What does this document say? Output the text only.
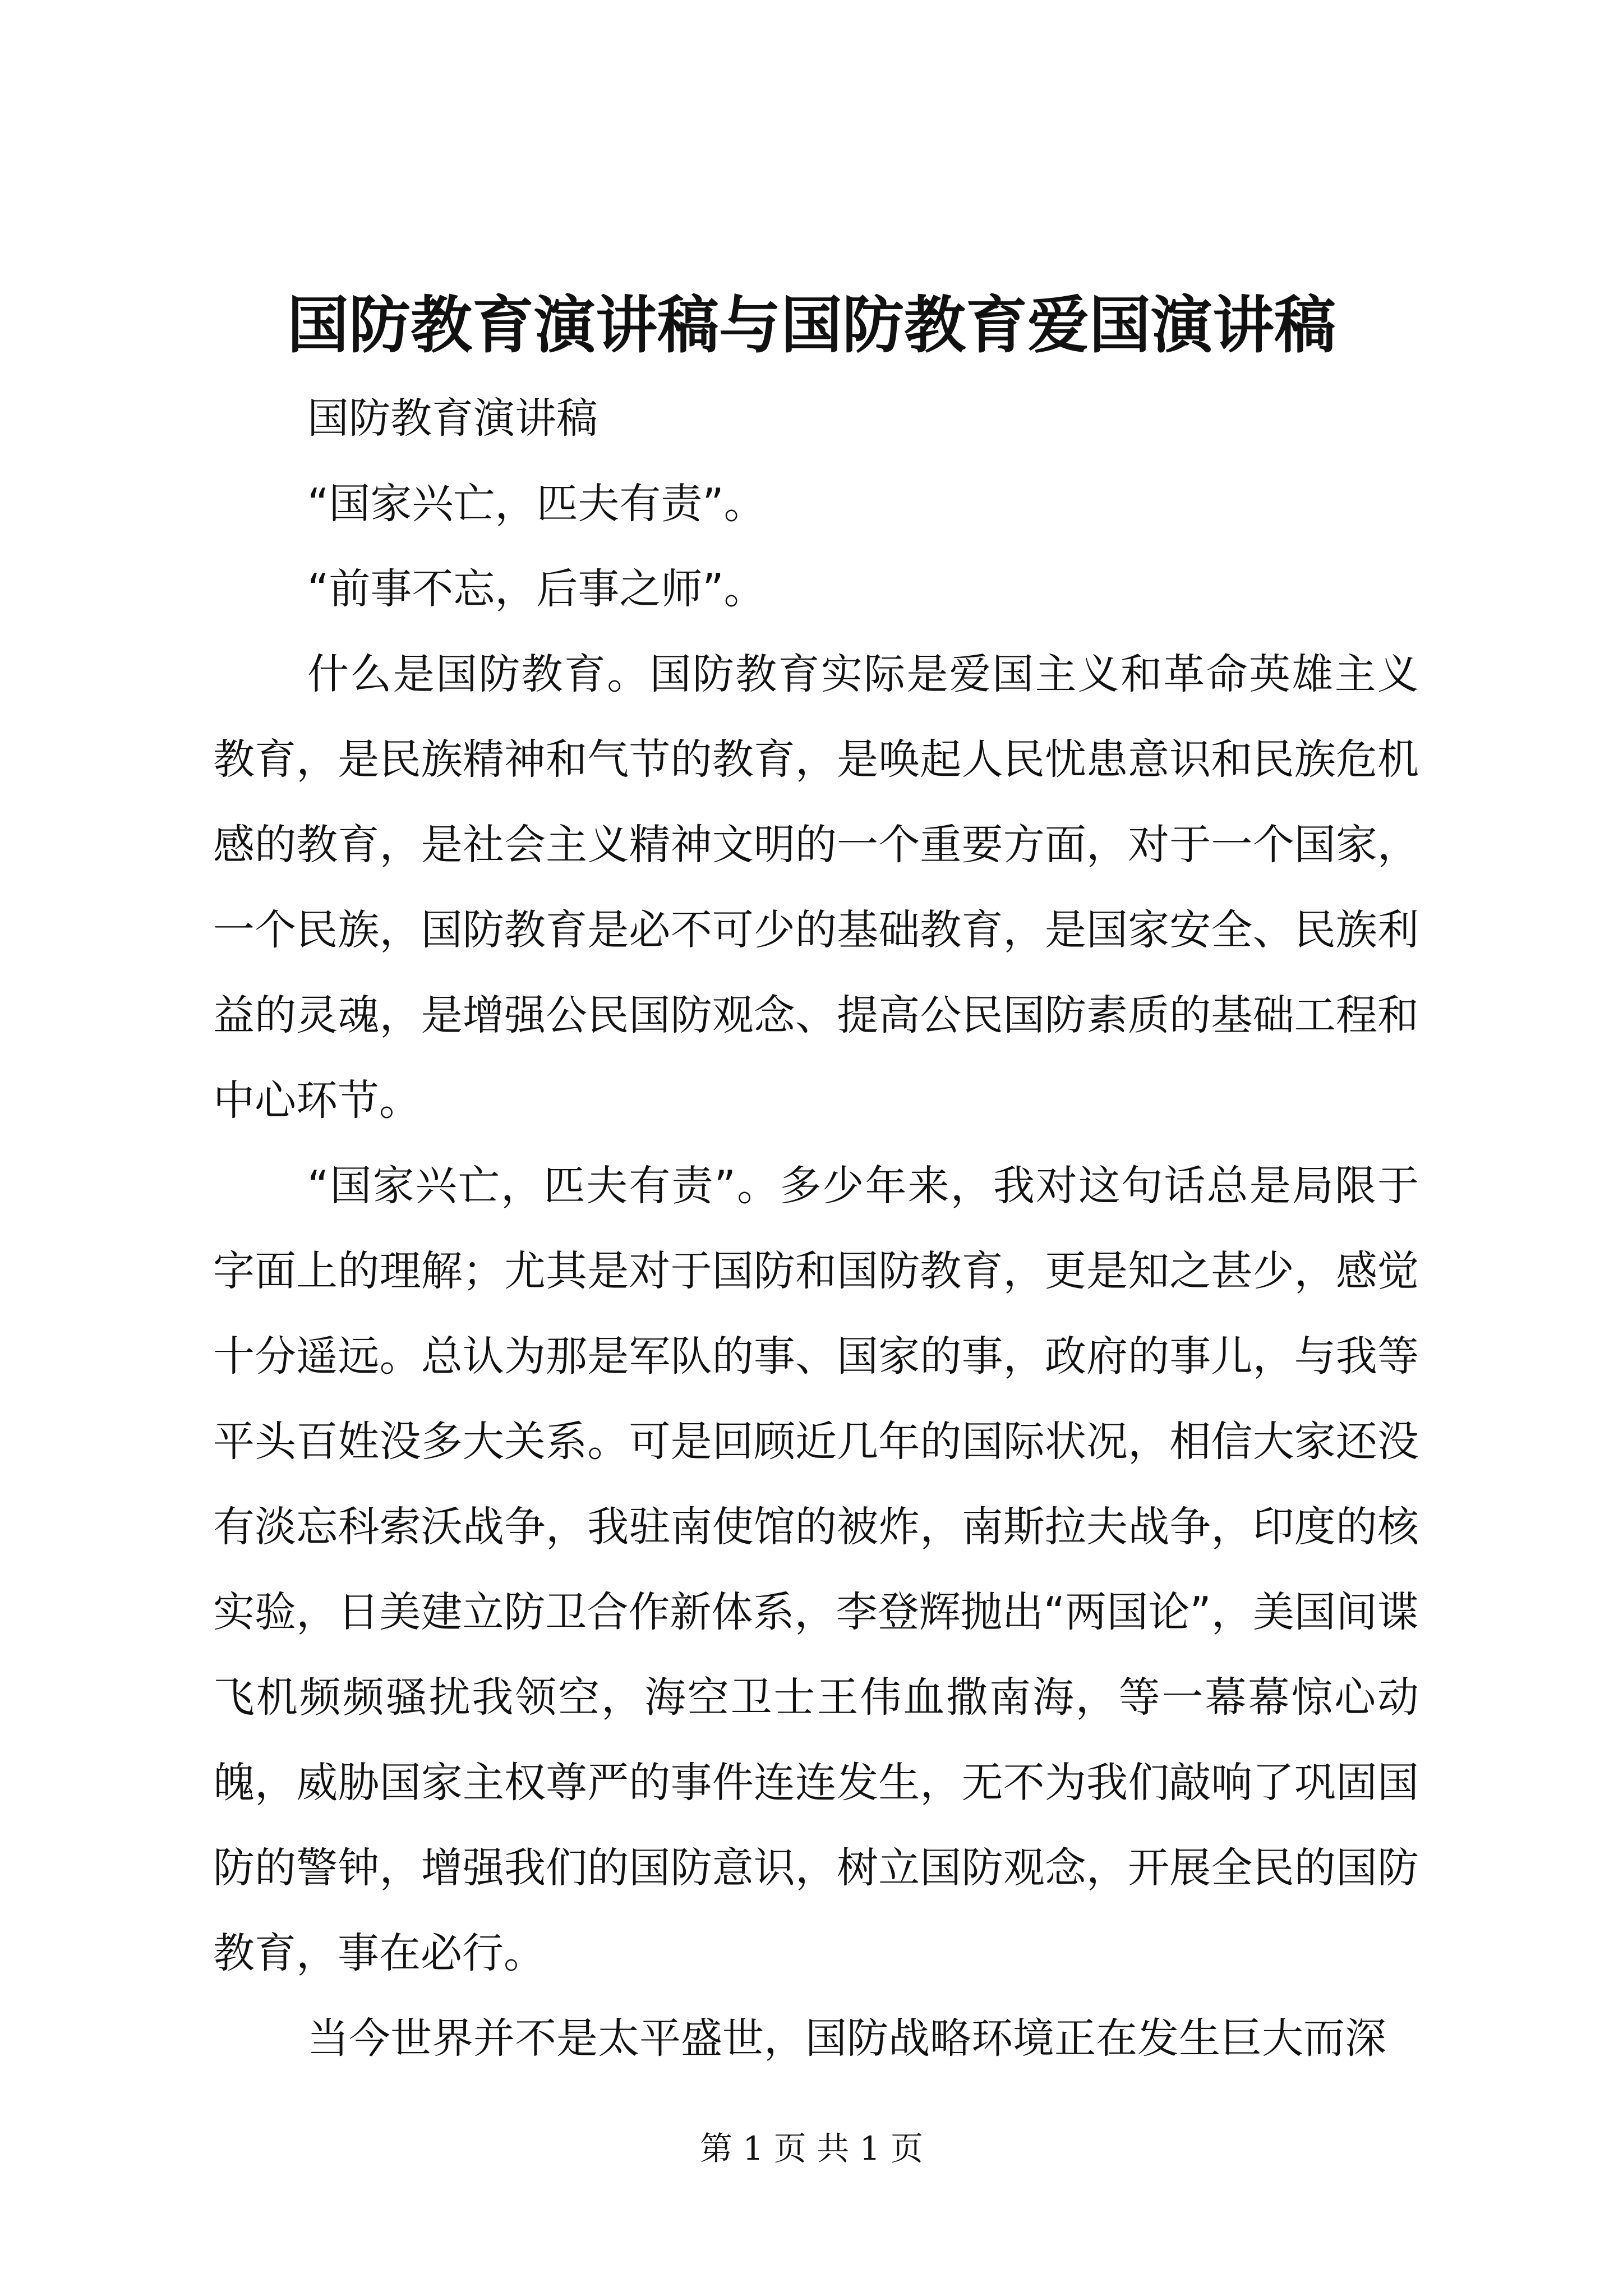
国防教育演讲稿与国防教育爱国演讲稿

国防教育演讲稿

“国家兴亡，匹夫有责”。

“前事不忘，后事之师”。

什么是国防教育。国防教育实际是爱国主义和革命英雄主义教育，是民族精神和气节的教育，是唤起人民忧患意识和民族危机感的教育，是社会主义精神文明的一个重要方面，对于一个国家，一个民族，国防教育是必不可少的基础教育，是国家安全、民族利益的灵魂，是增强公民国防观念、提高公民国防素质的基础工程和中心环节。

“国家兴亡，匹夫有责”。多少年来，我对这句话总是局限于字面上的理解；尤其是对于国防和国防教育，更是知之甚少，感觉十分遥远。总认为那是军队的事、国家的事，政府的事儿，与我等平头百姓没多大关系。可是回顾近几年的国际状况，相信大家还没有淡忘科索沃战争，我驻南使馆的被炸，南斯拉夫战争，印度的核实验，日美建立防卫合作新体系，李登辉抛出“两国论”，美国间谍飞机频频骚扰我领空，海空卫士王伟血撒南海，等一幕幕惊心动魄，威胁国家主权尊严的事件连连发生，无不为我们敲响了巩固国防的警钟，增强我们的国防意识，树立国防观念，开展全民的国防教育，事在必行。

当今世界并不是太平盛世，国防战略环境正在发生巨大而深

第 1 页 共 1 页
